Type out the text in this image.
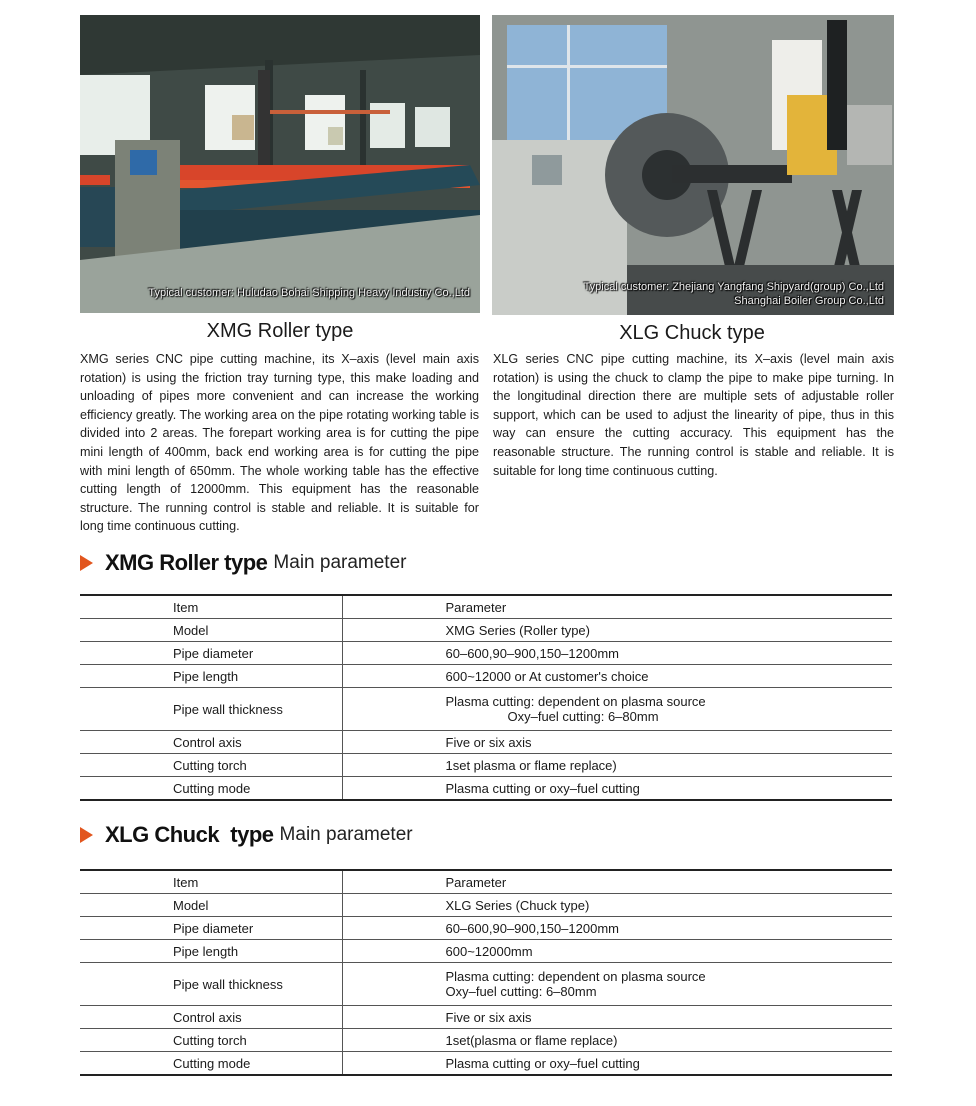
Typical customer: Huludao Bohai Shipping Heavy Industry Co.,Ltd	Typical customer: Zhejiang Yangfang Shipyard(group) Co.,Ltd
Shanghai Boiler Group Co.,Ltd
XMG Roller type	XLG Chuck type
XMG series CNC pipe cutting machine, its X–axis (level main axis rotation) is using the friction tray turning type, this make loading and unloading of pipes more convenient and can increase the working efficiency greatly. The working area on the pipe rotating working table is divided into 2 areas. The forepart working area is for cutting the pipe mini length of 400mm, back end working area is for cutting the pipe with mini length of 650mm. The whole working table has the effective cutting length of 12000mm. This equipment has the reasonable structure. The running control is stable and reliable. It is suitable for long time continuous cutting.
XLG series CNC pipe cutting machine, its X–axis (level main axis rotation) is using the chuck to clamp the pipe to make pipe turning. In the longitudinal direction there are multiple sets of adjustable roller support, which can be used to adjust the linearity of pipe, thus in this way can ensure the cutting accuracy. This equipment has the reasonable structure. The running control is stable and reliable. It is suitable for long time continuous cutting.
XMG Roller type Main parameter
Item	Parameter
Model	XMG Series (Roller type)
Pipe diameter	60–600,90–900,150–1200mm
Pipe length	600~12000 or At customer's choice
Pipe wall thickness	Plasma cutting: dependent on plasma source
Oxy–fuel cutting: 6–80mm

Control axis	Five or six axis
Cutting torch	1set plasma or flame replace)
Cutting mode	Plasma cutting or oxy–fuel cutting
XLG Chuck  type Main parameter
Item	Parameter
Model	XLG Series (Chuck type)
Pipe diameter	60–600,90–900,150–1200mm
Pipe length	600~12000mm
Pipe wall thickness	Plasma cutting: dependent on plasma source
Oxy–fuel cutting: 6–80mm

Control axis	Five or six axis
Cutting torch	1set(plasma or flame replace)
Cutting mode	Plasma cutting or oxy–fuel cutting
